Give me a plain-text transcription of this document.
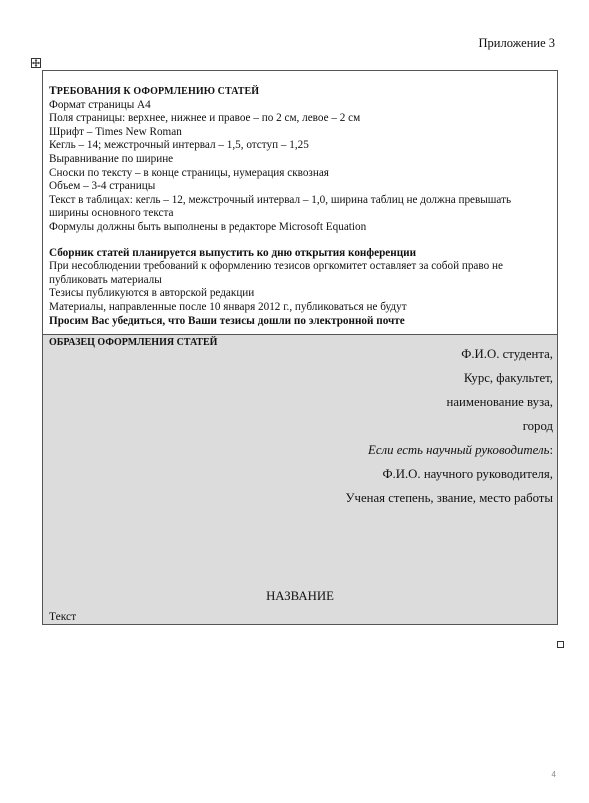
Приложение 3
ТРЕБОВАНИЯ К ОФОРМЛЕНИЮ СТАТЕЙ
Формат страницы А4
Поля страницы: верхнее, нижнее и правое – по 2 см, левое – 2 см
Шрифт – Times New Roman
Кегль – 14; межстрочный интервал – 1,5, отступ – 1,25
Выравнивание по ширине
Сноски по тексту – в конце страницы, нумерация сквозная
Объем – 3-4 страницы
Текст в таблицах: кегль – 12, межстрочный интервал – 1,0, ширина таблиц не должна превышать ширины основного текста
Формулы должны быть выполнены в редакторе Microsoft Equation
Сборник статей планируется выпустить ко дню открытия конференции
При несоблюдении требований к оформлению тезисов оргкомитет оставляет за собой право не публиковать материалы
Тезисы публикуются в авторской редакции
Материалы, направленные после 10 января 2012 г., публиковаться не будут
Просим Вас убедиться, что Ваши тезисы дошли по электронной почте

ОБРАЗЕЦ ОФОРМЛЕНИЯ СТАТЕЙ
Ф.И.О. студента,
Курс, факультет,
наименование вуза,
город
Если есть научный руководитель:
Ф.И.О. научного руководителя,
Ученая степень, звание, место работы
НАЗВАНИЕ
Текст
4
